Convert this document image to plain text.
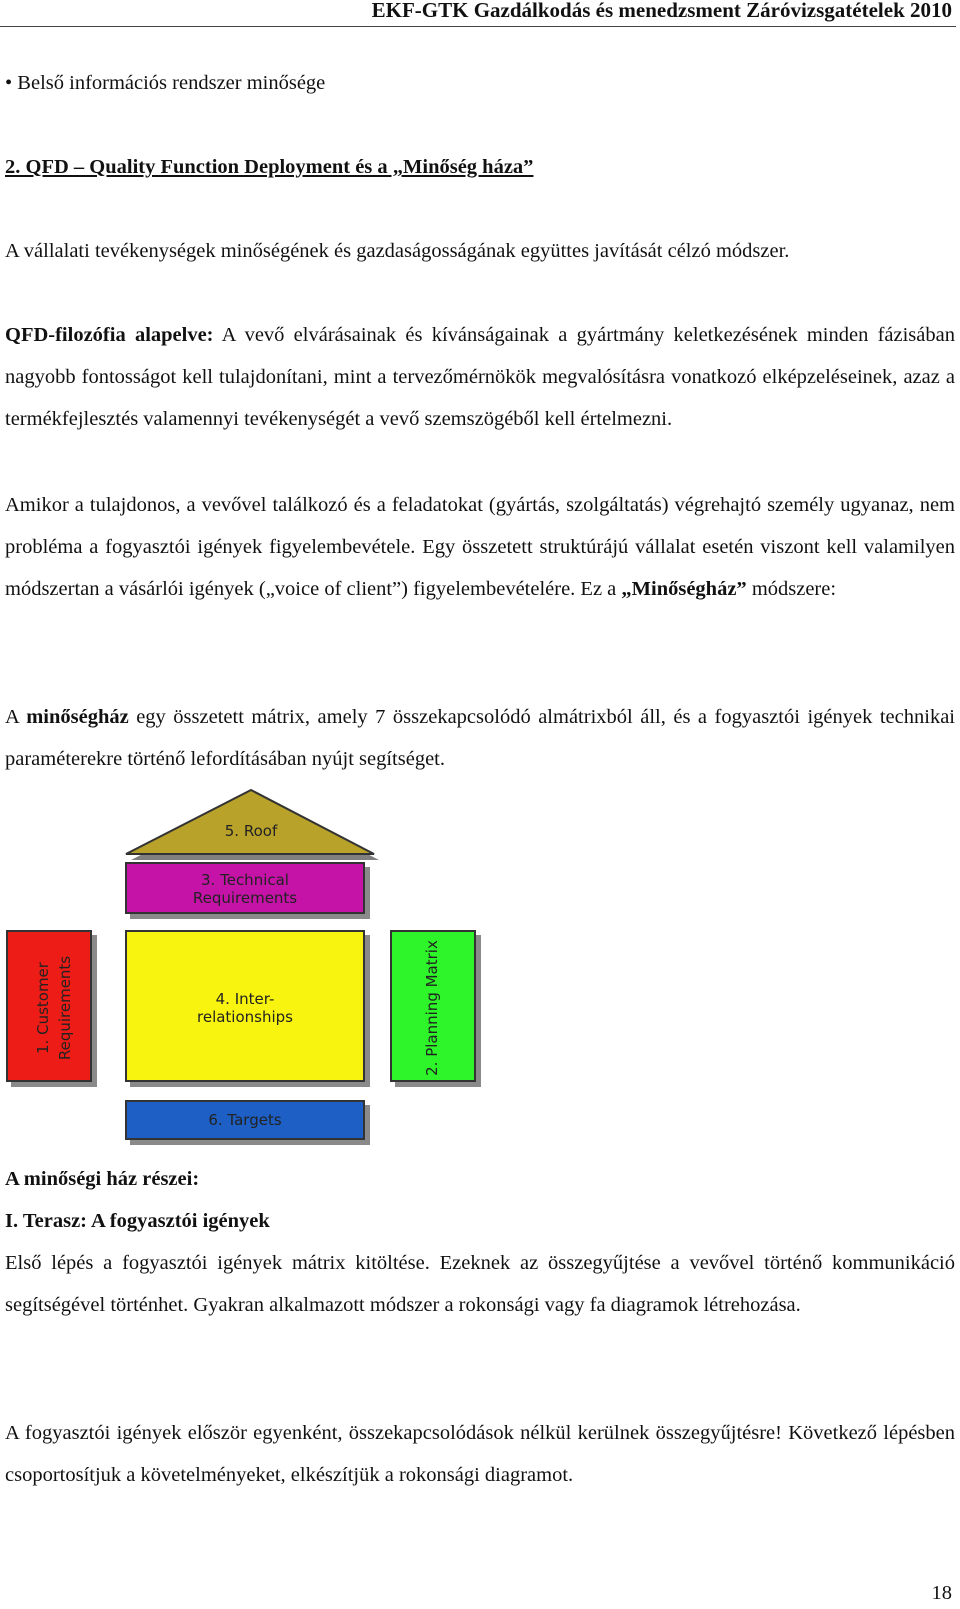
EKF-GTK Gazdálkodás és menedzsment Záróvizsgatételek 2010
• Belső információs rendszer minősége

2. QFD – Quality Function Deployment és a „Minőség háza”

A vállalati tevékenységek minőségének és gazdaságosságának együttes javítását célzó módszer.

QFD-filozófia alapelve: A vevő elvárásainak és kívánságainak a gyártmány keletkezésének minden fázisában nagyobb fontosságot kell tulajdonítani, mint a tervezőmérnökök megvalósításra vonatkozó elképzeléseinek, azaz a termékfejlesztés valamennyi tevékenységét a vevő szemszögéből kell értelmezni.

Amikor a tulajdonos, a vevővel találkozó és a feladatokat (gyártás, szolgáltatás) végrehajtó személy ugyanaz, nem probléma a fogyasztói igények figyelembevétele. Egy összetett struktúrájú vállalat esetén viszont kell valamilyen módszertan a vásárlói igények („voice of client”) figyelembevételére. Ez a „Minőségház” módszere:

A minőségház egy összetett mátrix, amely 7 összekapcsolódó almátrixból áll, és a fogyasztói igények technikai paraméterekre történő lefordításában nyújt segítséget.

5. Roof
3. Technical
Requirements
1. Customer Requirements	4. Inter-
relationships	2. Planning Matrix
6. Targets

A minőségi ház részei:

I. Terasz: A fogyasztói igények

Első lépés a fogyasztói igények mátrix kitöltése. Ezeknek az összegyűjtése a vevővel történő kommunikáció segítségével történhet. Gyakran alkalmazott módszer a rokonsági vagy fa diagramok létrehozása.

A fogyasztói igények először egyenként, összekapcsolódások nélkül kerülnek összegyűjtésre! Következő lépésben csoportosítjuk a követelményeket, elkészítjük a rokonsági diagramot.

18
